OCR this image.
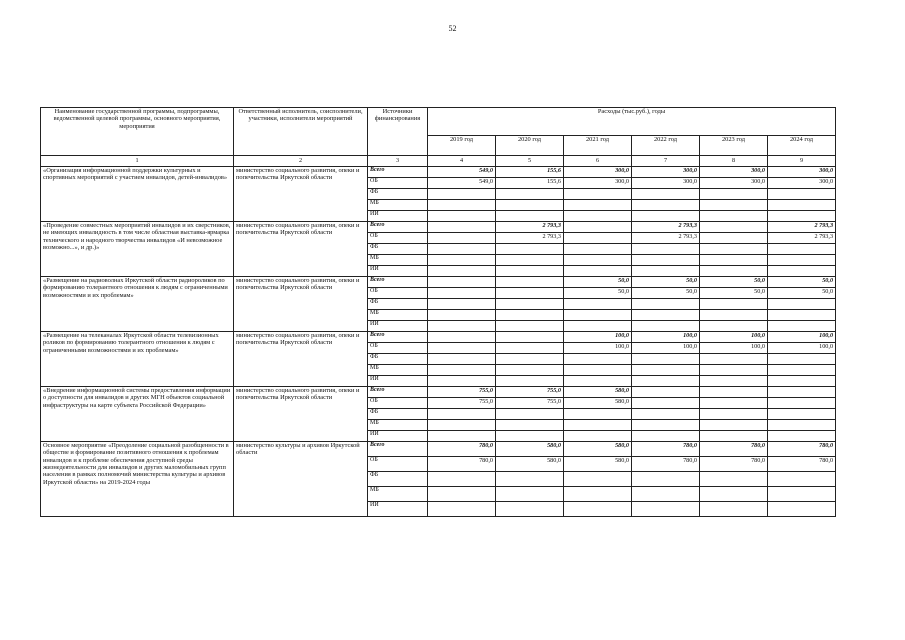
52
Наименование государственной программы, подпрограммы, ведомственной целевой программы, основного мероприятия, мероприятия	Ответственный исполнитель, соисполнители, участники, исполнители мероприятий	Источники финансирования	Расходы (тыс.руб.), годы					
			2019 год	2020 год	2021 год	2022 год	2023 год	2024 год
1	2	3	4	5	6	7	8	9
«Организация информационной поддержки культурных и спортивных мероприятий с участием инвалидов, детей-инвалидов»	министерство социального развития, опеки и попечительства Иркутской области	Всего	549,0	155,6	300,0	300,0	300,0	300,0
		ОБ	549,0	155,6	300,0	300,0	300,0	300,0
		ФБ						
		МБ						
		ИИ						
«Проведение совместных мероприятий инвалидов и их сверстников, не имеющих инвалидность в том числе областная выставка-ярмарка технического и народного творчества инвалидов «И невозможное возможно...», и др.)»	министерство социального развития, опеки и попечительства Иркутской области	Всего		2 793,3		2 793,3		2 793,3
		ОБ		2 793,3		2 793,3		2 793,3
		ФБ						
		МБ						
		ИИ						
«Размещение на радиоволнах Иркутской области радиороликов по формированию толерантного отношения к людям с ограниченными возможностями и их проблемам»	министерство социального развития, опеки и попечительства Иркутской области	Всего			50,0	50,0	50,0	50,0
		ОБ			50,0	50,0	50,0	50,0
		ФБ						
		МБ						
		ИИ						
«Размещение на телеканалах Иркутской области телевизионных роликов по формированию толерантного отношения к людям с ограниченными возможностями и их проблемам»	министерство социального развития, опеки и попечительства Иркутской области	Всего			100,0	100,0	100,0	100,0
		ОБ			100,0	100,0	100,0	100,0
		ФБ						
		МБ						
		ИИ						
«Внедрение информационной системы предоставления информации о доступности для инвалидов и других МГН объектов социальной инфраструктуры на карте субъекта Российской Федерации»	министерство социального развития, опеки и попечительства Иркутской области	Всего	755,0	755,0	580,0			
		ОБ	755,0	755,0	580,0			
		ФБ						
		МБ						
		ИИ						
Основное мероприятие «Преодоление социальной разобщенности в обществе и формирование позитивного отношения к проблемам инвалидов и к проблеме обеспечения доступной среды жизнедеятельности для инвалидов и других маломобильных групп населения в рамках полномочий министерства культуры и архивов Иркутской области» на 2019-2024 годы	министерство культуры и архивов Иркутской области	Всего	780,0	580,0	580,0	780,0	780,0	780,0
		ОБ	780,0	580,0	580,0	780,0	780,0	780,0
		ФБ						
		МБ						
		ИИ						
